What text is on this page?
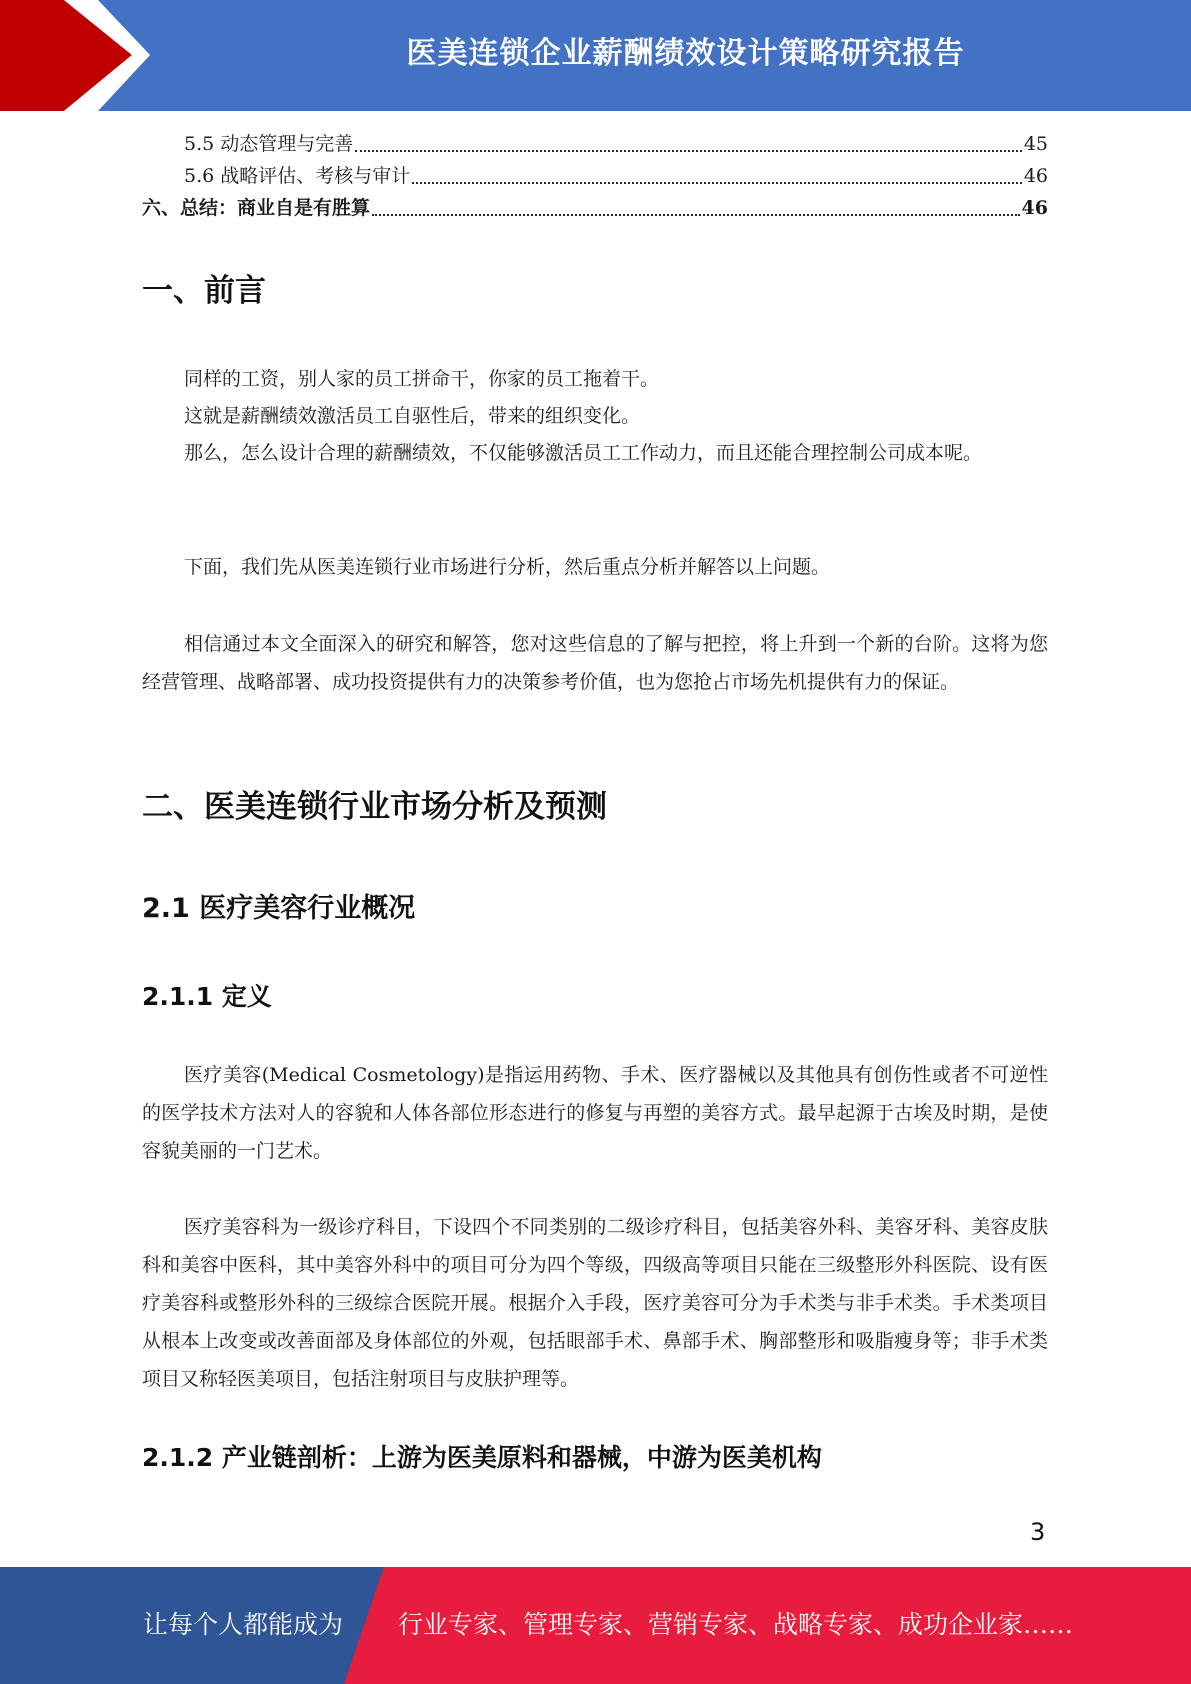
医美连锁企业薪酬绩效设计策略研究报告
5.5 动态管理与完善	45
5.6 战略评估、考核与审计	46
六、总结：商业自是有胜算	46
一、前言

同样的工资，别人家的员工拼命干，你家的员工拖着干。

这就是薪酬绩效激活员工自驱性后，带来的组织变化。

那么，怎么设计合理的薪酬绩效，不仅能够激活员工工作动力，而且还能合理控制公司成本呢。

下面，我们先从医美连锁行业市场进行分析，然后重点分析并解答以上问题。

相信通过本文全面深入的研究和解答，您对这些信息的了解与把控，将上升到一个新的台阶。这将为您经营管理、战略部署、成功投资提供有力的决策参考价值，也为您抢占市场先机提供有力的保证。

二、医美连锁行业市场分析及预测
2.1 医疗美容行业概况
2.1.1 定义

医疗美容(Medical Cosmetology)是指运用药物、手术、医疗器械以及其他具有创伤性或者不可逆性的医学技术方法对人的容貌和人体各部位形态进行的修复与再塑的美容方式。最早起源于古埃及时期，是使容貌美丽的一门艺术。

医疗美容科为一级诊疗科目，下设四个不同类别的二级诊疗科目，包括美容外科、美容牙科、美容皮肤科和美容中医科，其中美容外科中的项目可分为四个等级，四级高等项目只能在三级整形外科医院、设有医疗美容科或整形外科的三级综合医院开展。根据介入手段，医疗美容可分为手术类与非手术类。手术类项目从根本上改变或改善面部及身体部位的外观，包括眼部手术、鼻部手术、胸部整形和吸脂瘦身等；非手术类项目又称轻医美项目，包括注射项目与皮肤护理等。

2.1.2 产业链剖析：上游为医美原料和器械，中游为医美机构
3
让每个人都能成为 行业专家、管理专家、营销专家、战略专家、成功企业家……
